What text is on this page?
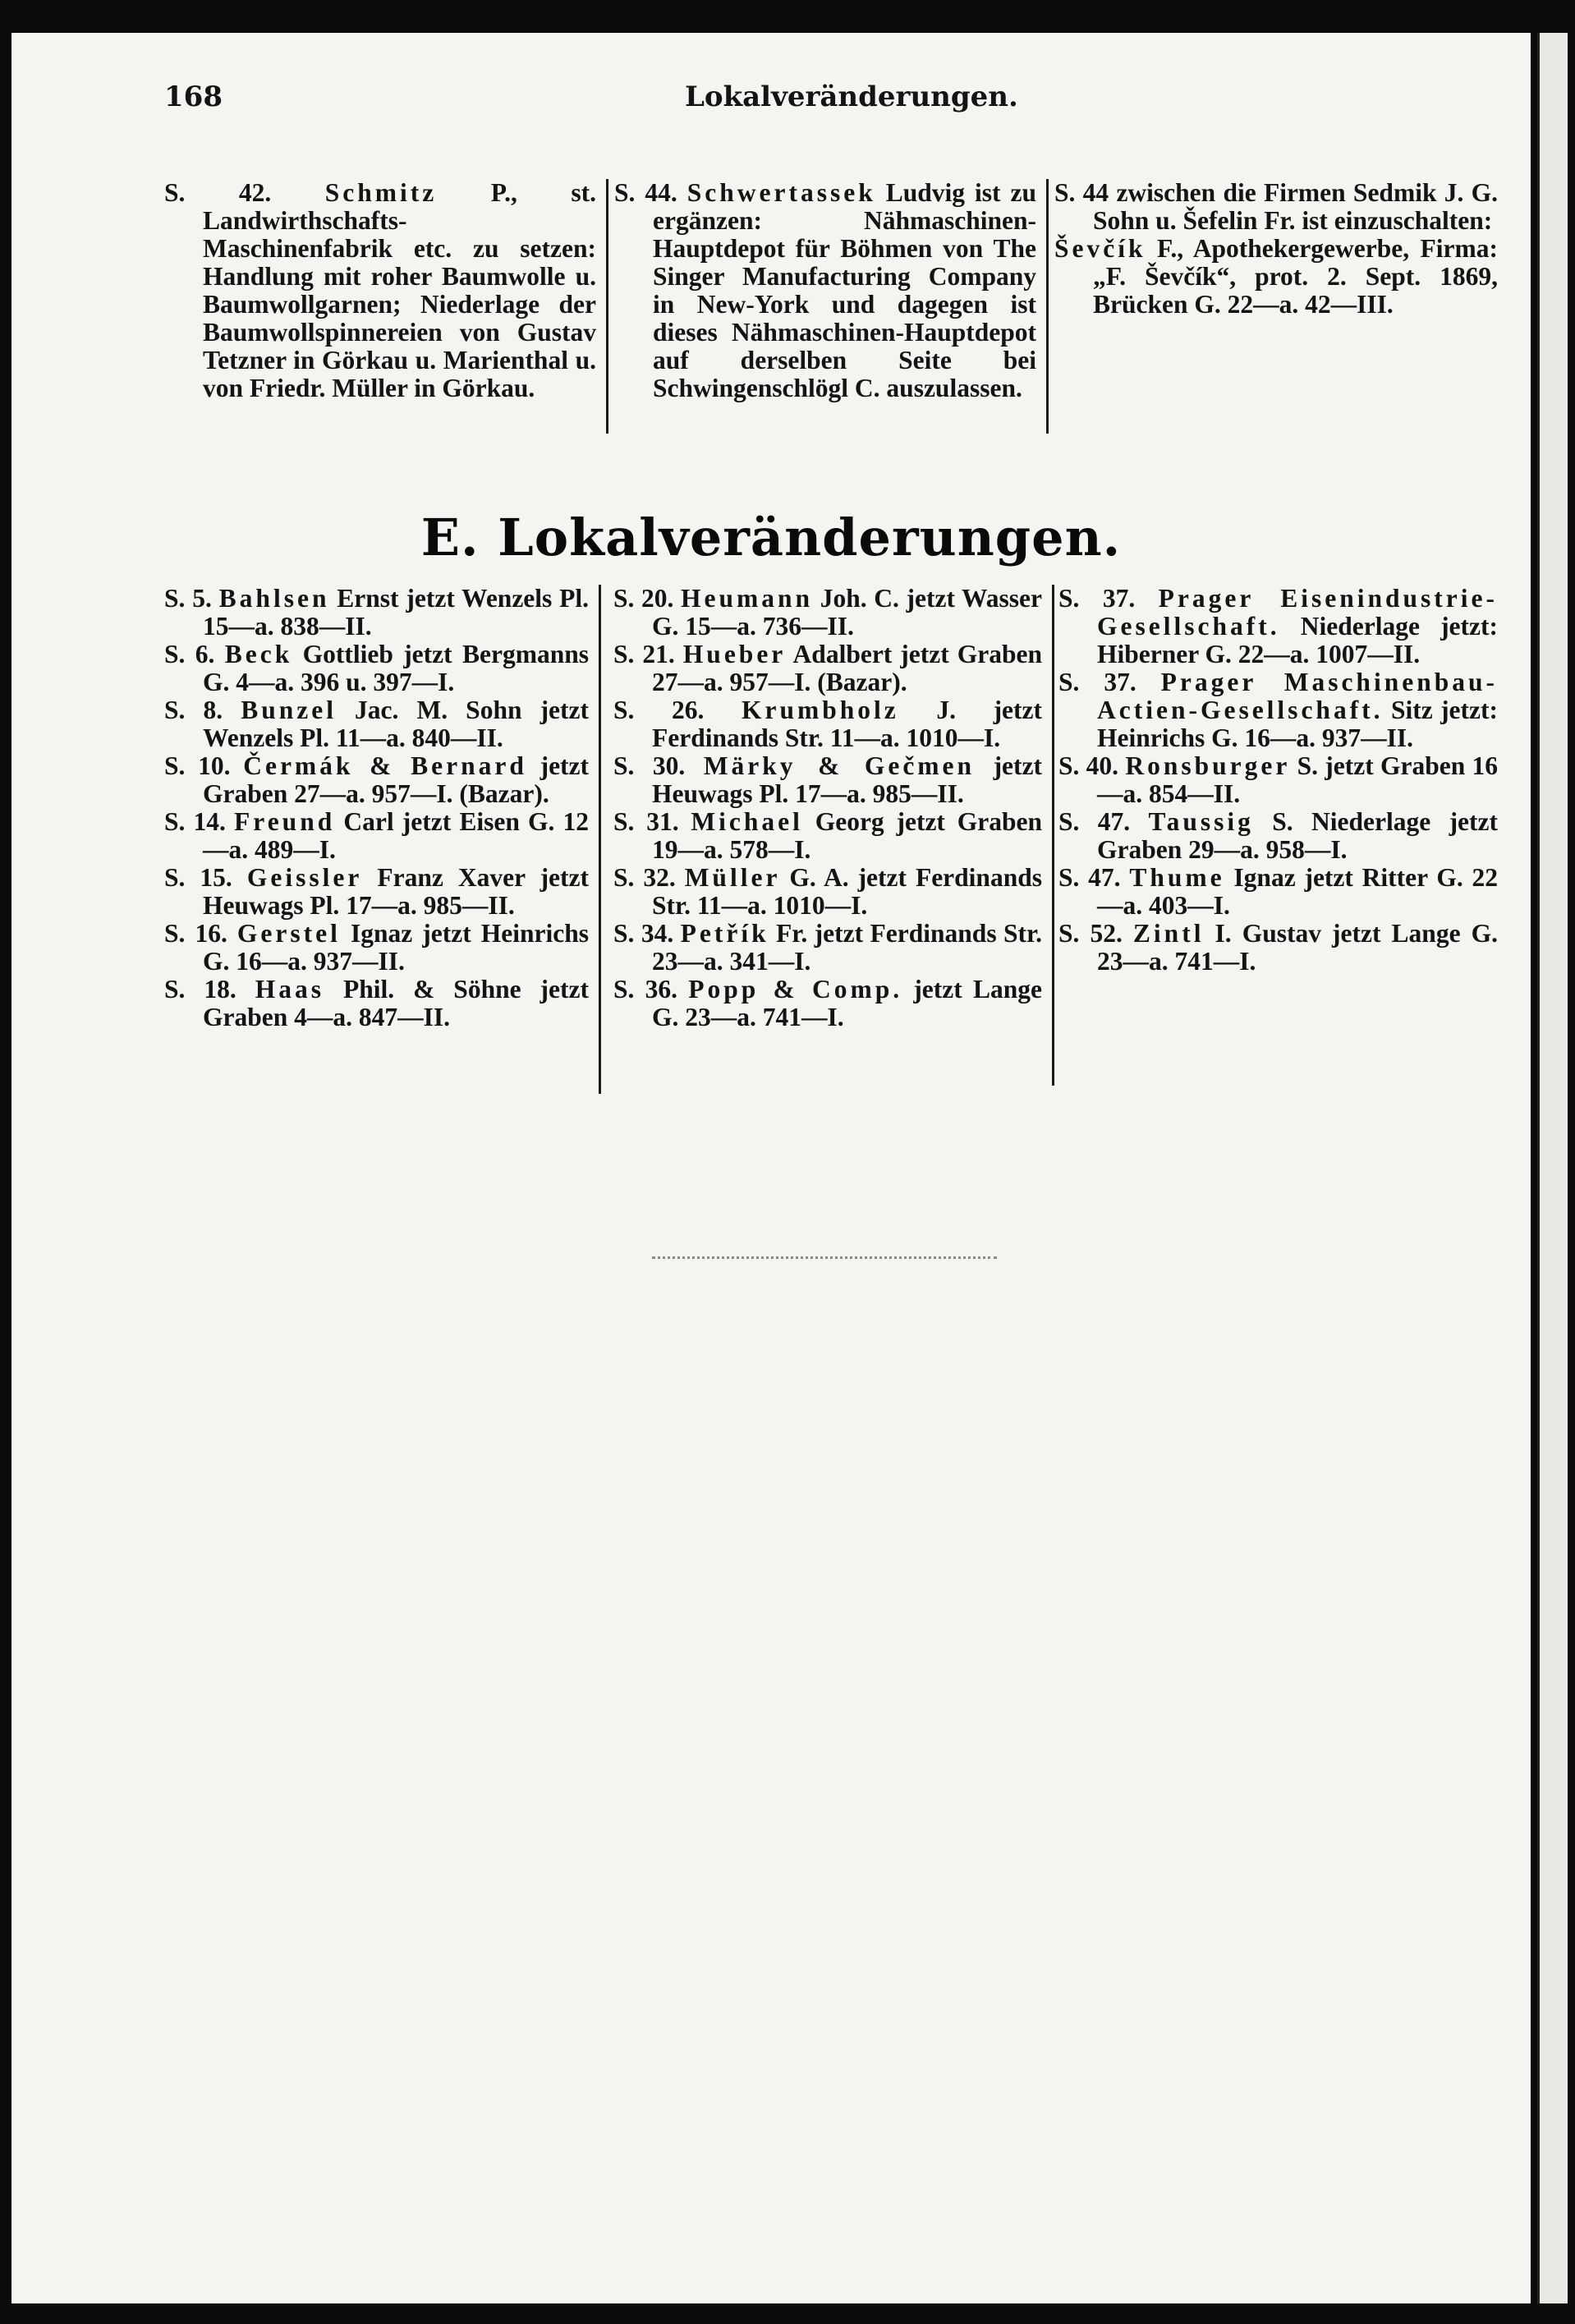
168	Lokalveränderungen.

S. 42. Schmitz P., st. Landwirthschafts-Maschinenfabrik etc. zu setzen: Handlung mit roher Baumwolle u. Baumwollgarnen; Niederlage der Baumwollspinnereien von Gustav Tetzner in Görkau u. Marienthal u. von Friedr. Müller in Görkau.

S. 44. Schwertassek Ludvig ist zu ergänzen: Nähmaschinen-Hauptdepot für Böhmen von The Singer Manufacturing Company in New-York und dagegen ist dieses Nähmaschinen-Hauptdepot auf derselben Seite bei Schwingenschlögl C. auszulassen.

S. 44 zwischen die Firmen Sedmik J. G. Sohn u. Šefelin Fr. ist einzuschalten:

Ševčík F., Apothekergewerbe, Firma: „F. Ševčík“, prot. 2. Sept. 1869, Brücken G. 22—a. 42—III.

E. Lokalveränderungen.

S. 5. Bahlsen Ernst jetzt Wenzels Pl. 15—a. 838—II.

S. 6. Beck Gottlieb jetzt Bergmanns G. 4—a. 396 u. 397—I.

S. 8. Bunzel Jac. M. Sohn jetzt Wenzels Pl. 11—a. 840—II.

S. 10. Čermák & Bernard jetzt Graben 27—a. 957—I. (Bazar).

S. 14. Freund Carl jetzt Eisen G. 12—a. 489—I.

S. 15. Geissler Franz Xaver jetzt Heuwags Pl. 17—a. 985—II.

S. 16. Gerstel Ignaz jetzt Heinrichs G. 16—a. 937—II.

S. 18. Haas Phil. & Söhne jetzt Graben 4—a. 847—II.

S. 20. Heumann Joh. C. jetzt Wasser G. 15—a. 736—II.

S. 21. Hueber Adalbert jetzt Graben 27—a. 957—I. (Bazar).

S. 26. Krumbholz J. jetzt Ferdinands Str. 11—a. 1010—I.

S. 30. Märky & Gečmen jetzt Heuwags Pl. 17—a. 985—II.

S. 31. Michael Georg jetzt Graben 19—a. 578—I.

S. 32. Müller G. A. jetzt Ferdinands Str. 11—a. 1010—I.

S. 34. Petřík Fr. jetzt Ferdinands Str. 23—a. 341—I.

S. 36. Popp & Comp. jetzt Lange G. 23—a. 741—I.

S. 37. Prager Eisenindustrie-Gesellschaft. Niederlage jetzt: Hiberner G. 22—a. 1007—II.

S. 37. Prager Maschinenbau-Actien-Gesellschaft. Sitz jetzt: Heinrichs G. 16—a. 937—II.

S. 40. Ronsburger S. jetzt Graben 16—a. 854—II.

S. 47. Taussig S. Niederlage jetzt Graben 29—a. 958—I.

S. 47. Thume Ignaz jetzt Ritter G. 22—a. 403—I.

S. 52. Zintl I. Gustav jetzt Lange G. 23—a. 741—I.
